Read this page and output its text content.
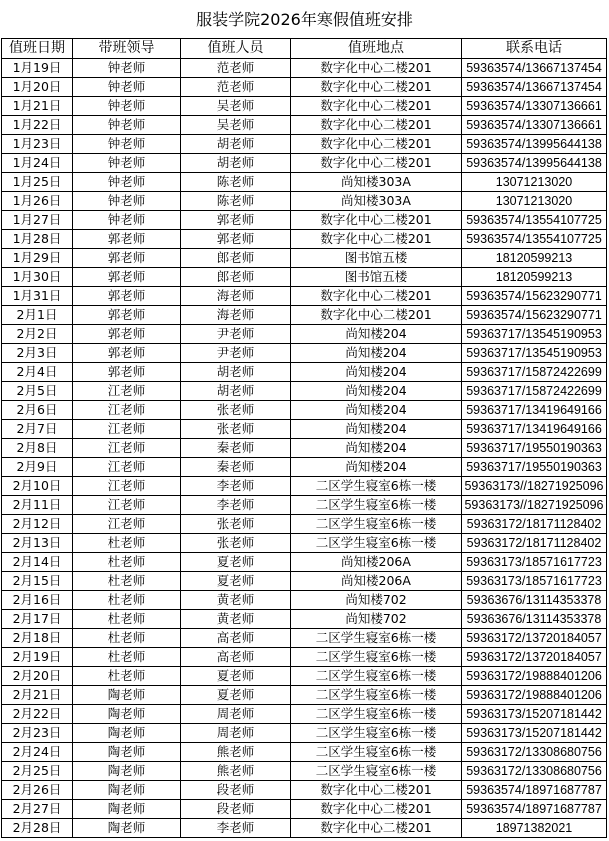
服装学院2026年寒假值班安排
值班日期	带班领导	值班人员	值班地点	联系电话
1月19日	钟老师	范老师	数字化中心二楼201	59363574/13667137454
1月20日	钟老师	范老师	数字化中心二楼201	59363574/13667137454
1月21日	钟老师	吴老师	数字化中心二楼201	59363574/13307136661
1月22日	钟老师	吴老师	数字化中心二楼201	59363574/13307136661
1月23日	钟老师	胡老师	数字化中心二楼201	59363574/13995644138
1月24日	钟老师	胡老师	数字化中心二楼201	59363574/13995644138
1月25日	钟老师	陈老师	尚知楼303A	13071213020
1月26日	钟老师	陈老师	尚知楼303A	13071213020
1月27日	钟老师	郭老师	数字化中心二楼201	59363574/13554107725
1月28日	郭老师	郭老师	数字化中心二楼201	59363574/13554107725
1月29日	郭老师	郎老师	图书馆五楼	18120599213
1月30日	郭老师	郎老师	图书馆五楼	18120599213
1月31日	郭老师	海老师	数字化中心二楼201	59363574/15623290771
2月1日	郭老师	海老师	数字化中心二楼201	59363574/15623290771
2月2日	郭老师	尹老师	尚知楼204	59363717/13545190953
2月3日	郭老师	尹老师	尚知楼204	59363717/13545190953
2月4日	郭老师	胡老师	尚知楼204	59363717/15872422699
2月5日	江老师	胡老师	尚知楼204	59363717/15872422699
2月6日	江老师	张老师	尚知楼204	59363717/13419649166
2月7日	江老师	张老师	尚知楼204	59363717/13419649166
2月8日	江老师	秦老师	尚知楼204	59363717/19550190363
2月9日	江老师	秦老师	尚知楼204	59363717/19550190363
2月10日	江老师	李老师	二区学生寝室6栋一楼	59363173//18271925096
2月11日	江老师	李老师	二区学生寝室6栋一楼	59363173//18271925096
2月12日	江老师	张老师	二区学生寝室6栋一楼	59363172/18171128402
2月13日	杜老师	张老师	二区学生寝室6栋一楼	59363172/18171128402
2月14日	杜老师	夏老师	尚知楼206A	59363173/18571617723
2月15日	杜老师	夏老师	尚知楼206A	59363173/18571617723
2月16日	杜老师	黄老师	尚知楼702	59363676/13114353378
2月17日	杜老师	黄老师	尚知楼702	59363676/13114353378
2月18日	杜老师	高老师	二区学生寝室6栋一楼	59363172/13720184057
2月19日	杜老师	高老师	二区学生寝室6栋一楼	59363172/13720184057
2月20日	杜老师	夏老师	二区学生寝室6栋一楼	59363172/19888401206
2月21日	陶老师	夏老师	二区学生寝室6栋一楼	59363172/19888401206
2月22日	陶老师	周老师	二区学生寝室6栋一楼	59363173/15207181442
2月23日	陶老师	周老师	二区学生寝室6栋一楼	59363173/15207181442
2月24日	陶老师	熊老师	二区学生寝室6栋一楼	59363172/13308680756
2月25日	陶老师	熊老师	二区学生寝室6栋一楼	59363172/13308680756
2月26日	陶老师	段老师	数字化中心二楼201	59363574/18971687787
2月27日	陶老师	段老师	数字化中心二楼201	59363574/18971687787
2月28日	陶老师	李老师	数字化中心二楼201	18971382021
